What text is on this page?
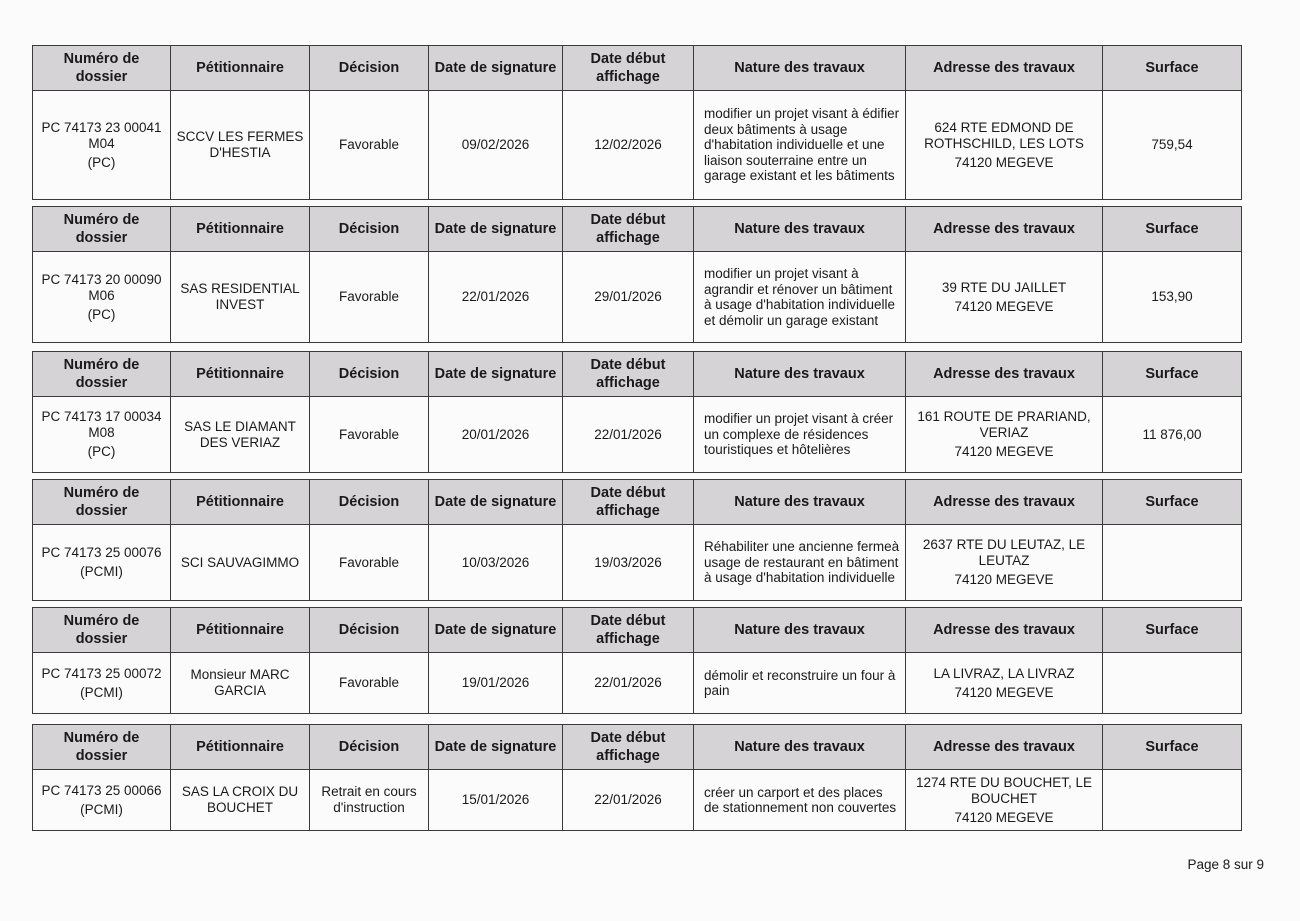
Numéro de dossier	Pétitionnaire	Décision	Date de signature	Date début affichage	Nature des travaux	Adresse des travaux	Surface

PC 74173 23 00041 M04
(PC)	SCCV LES FERMES D'HESTIA	Favorable	09/02/2026	12/02/2026	modifier un projet visant à édifier deux bâtiments à usage d'habitation individuelle et une liaison souterraine entre un garage existant et les bâtiments	624 RTE EDMOND DE ROTHSCHILD, LES LOTS
74120 MEGEVE	759,54
Numéro de dossier	Pétitionnaire	Décision	Date de signature	Date début affichage	Nature des travaux	Adresse des travaux	Surface

PC 74173 20 00090 M06
(PC)	SAS RESIDENTIAL INVEST	Favorable	22/01/2026	29/01/2026	modifier un projet visant à agrandir et rénover un bâtiment à usage d'habitation individuelle et démolir un garage existant	39 RTE DU JAILLET
74120 MEGEVE	153,90
Numéro de dossier	Pétitionnaire	Décision	Date de signature	Date début affichage	Nature des travaux	Adresse des travaux	Surface

PC 74173 17 00034 M08
(PC)	SAS LE DIAMANT DES VERIAZ	Favorable	20/01/2026	22/01/2026	modifier un projet visant à créer un complexe de résidences touristiques et hôtelières	161 ROUTE DE PRARIAND, VERIAZ
74120 MEGEVE	11 876,00
Numéro de dossier	Pétitionnaire	Décision	Date de signature	Date début affichage	Nature des travaux	Adresse des travaux	Surface

PC 74173 25 00076
(PCMI)	SCI SAUVAGIMMO	Favorable	10/03/2026	19/03/2026	Réhabiliter une ancienne fermeà usage de restaurant en bâtiment à usage d'habitation individuelle	2637 RTE DU LEUTAZ, LE LEUTAZ
74120 MEGEVE	

Numéro de dossier	Pétitionnaire	Décision	Date de signature	Date début affichage	Nature des travaux	Adresse des travaux	Surface

PC 74173 25 00072
(PCMI)	Monsieur MARC GARCIA	Favorable	19/01/2026	22/01/2026	démolir et reconstruire un four à pain	LA LIVRAZ, LA LIVRAZ
74120 MEGEVE	

Numéro de dossier	Pétitionnaire	Décision	Date de signature	Date début affichage	Nature des travaux	Adresse des travaux	Surface

PC 74173 25 00066
(PCMI)	SAS LA CROIX DU BOUCHET	Retrait en cours d'instruction	15/01/2026	22/01/2026	créer un carport et des places de stationnement non couvertes	1274 RTE DU BOUCHET, LE BOUCHET
74120 MEGEVE	

Page 8 sur 9
